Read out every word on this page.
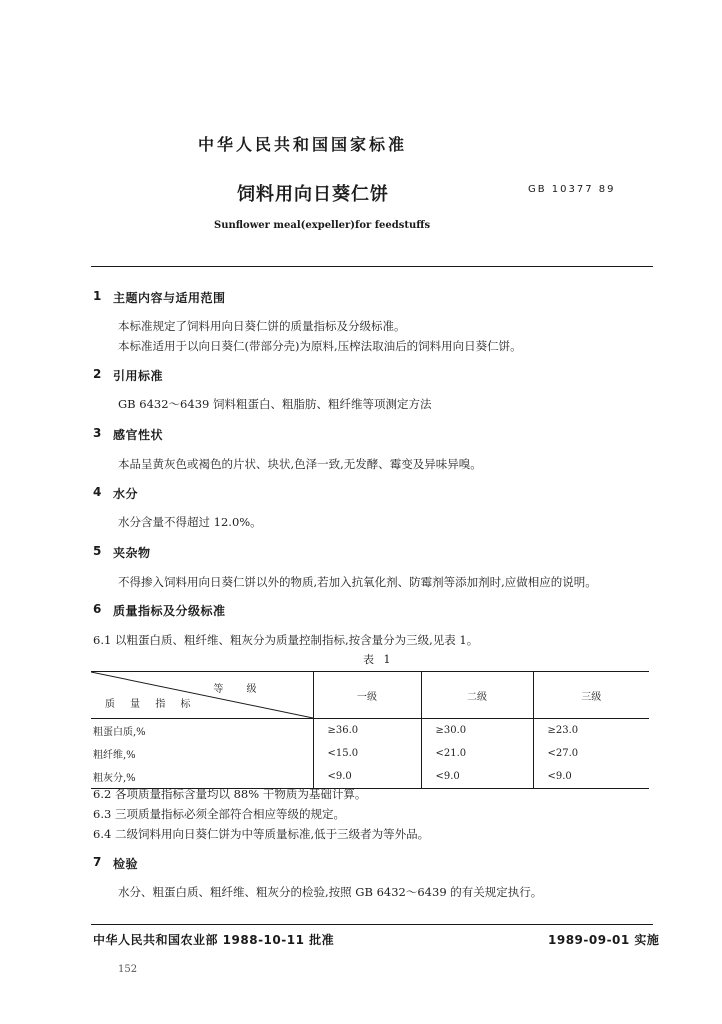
中华人民共和国国家标准
饲料用向日葵仁饼	GB 10377 89
Sunflower meal(expeller)for feedstuffs
1 主题内容与适用范围
本标准规定了饲料用向日葵仁饼的质量指标及分级标准。
本标准适用于以向日葵仁(带部分壳)为原料,压榨法取油后的饲料用向日葵仁饼。
2 引用标准
GB 6432～6439 饲料粗蛋白、粗脂肪、粗纤维等项测定方法
3 感官性状
本品呈黄灰色或褐色的片状、块状,色泽一致,无发酵、霉变及异味异嗅。
4 水分
水分含量不得超过 12.0%。
5 夹杂物
不得掺入饲料用向日葵仁饼以外的物质,若加入抗氧化剂、防霉剂等添加剂时,应做相应的说明。
6 质量指标及分级标准
6.1 以粗蛋白质、粗纤维、粗灰分为质量控制指标,按含量分为三级,见表 1。
表 1
等 级
质 量 指 标	一级	二级	三级
粗蛋白质,%	≥36.0	≥30.0	≥23.0
粗纤维,%	<15.0	<21.0	<27.0
粗灰分,%	<9.0	<9.0	<9.0
6.2 各项质量指标含量均以 88% 干物质为基础计算。
6.3 三项质量指标必须全部符合相应等级的规定。
6.4 二级饲料用向日葵仁饼为中等质量标准,低于三级者为等外品。
7 检验
水分、粗蛋白质、粗纤维、粗灰分的检验,按照 GB 6432～6439 的有关规定执行。
中华人民共和国农业部 1988-10-11 批准	1989-09-01 实施
152
